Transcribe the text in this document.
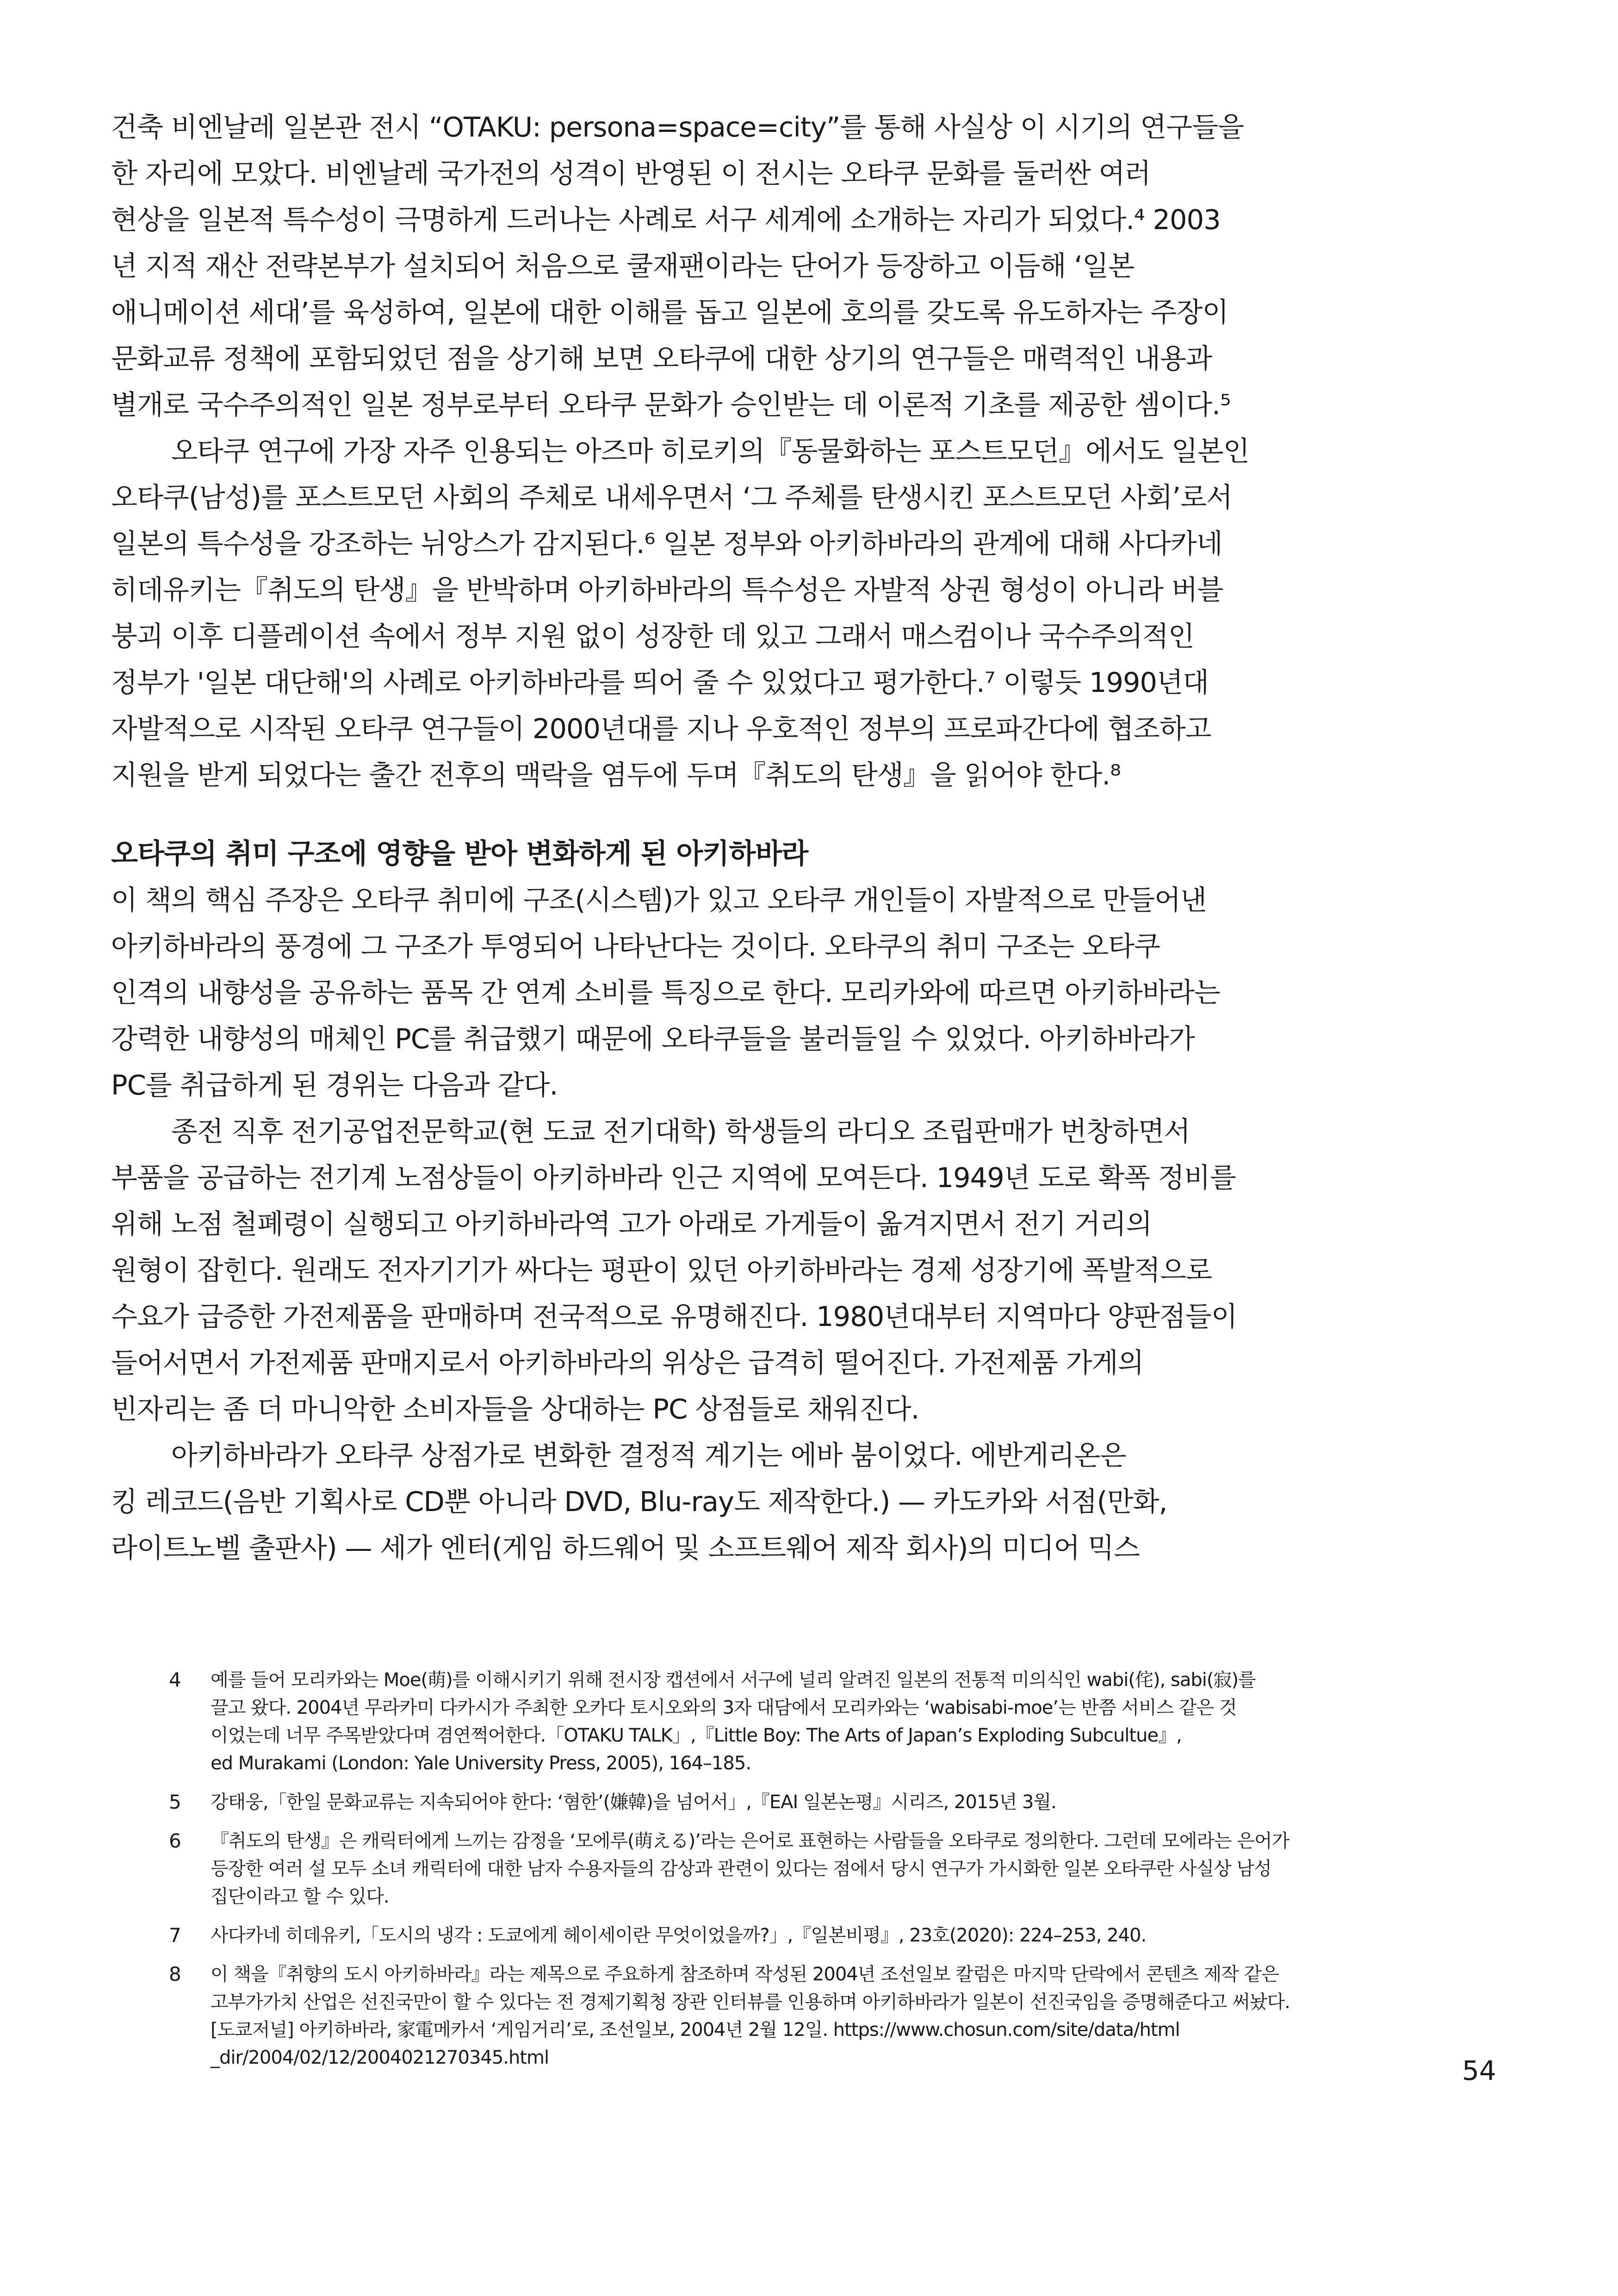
건축 비엔날레 일본관 전시 “OTAKU: persona=space=city”를 통해 사실상 이 시기의 연구들을
한 자리에 모았다. 비엔날레 국가전의 성격이 반영된 이 전시는 오타쿠 문화를 둘러싼 여러
현상을 일본적 특수성이 극명하게 드러나는 사례로 서구 세계에 소개하는 자리가 되었다.⁴ 2003
년 지적 재산 전략본부가 설치되어 처음으로 쿨재팬이라는 단어가 등장하고 이듬해 ‘일본
애니메이션 세대’를 육성하여, 일본에 대한 이해를 돕고 일본에 호의를 갖도록 유도하자는 주장이
문화교류 정책에 포함되었던 점을 상기해 보면 오타쿠에 대한 상기의 연구들은 매력적인 내용과
별개로 국수주의적인 일본 정부로부터 오타쿠 문화가 승인받는 데 이론적 기초를 제공한 셈이다.⁵
오타쿠 연구에 가장 자주 인용되는 아즈마 히로키의『동물화하는 포스트모던』에서도 일본인
오타쿠(남성)를 포스트모던 사회의 주체로 내세우면서 ‘그 주체를 탄생시킨 포스트모던 사회’로서
일본의 특수성을 강조하는 뉘앙스가 감지된다.⁶ 일본 정부와 아키하바라의 관계에 대해 사다카네
히데유키는『취도의 탄생』을 반박하며 아키하바라의 특수성은 자발적 상권 형성이 아니라 버블
붕괴 이후 디플레이션 속에서 정부 지원 없이 성장한 데 있고 그래서 매스컴이나 국수주의적인
정부가 '일본 대단해'의 사례로 아키하바라를 띄어 줄 수 있었다고 평가한다.⁷ 이렇듯 1990년대
자발적으로 시작된 오타쿠 연구들이 2000년대를 지나 우호적인 정부의 프로파간다에 협조하고
지원을 받게 되었다는 출간 전후의 맥락을 염두에 두며『취도의 탄생』을 읽어야 한다.⁸
오타쿠의 취미 구조에 영향을 받아 변화하게 된 아키하바라
이 책의 핵심 주장은 오타쿠 취미에 구조(시스템)가 있고 오타쿠 개인들이 자발적으로 만들어낸
아키하바라의 풍경에 그 구조가 투영되어 나타난다는 것이다. 오타쿠의 취미 구조는 오타쿠
인격의 내향성을 공유하는 품목 간 연계 소비를 특징으로 한다. 모리카와에 따르면 아키하바라는
강력한 내향성의 매체인 PC를 취급했기 때문에 오타쿠들을 불러들일 수 있었다. 아키하바라가
PC를 취급하게 된 경위는 다음과 같다.
종전 직후 전기공업전문학교(현 도쿄 전기대학) 학생들의 라디오 조립판매가 번창하면서
부품을 공급하는 전기계 노점상들이 아키하바라 인근 지역에 모여든다. 1949년 도로 확폭 정비를
위해 노점 철폐령이 실행되고 아키하바라역 고가 아래로 가게들이 옮겨지면서 전기 거리의
원형이 잡힌다. 원래도 전자기기가 싸다는 평판이 있던 아키하바라는 경제 성장기에 폭발적으로
수요가 급증한 가전제품을 판매하며 전국적으로 유명해진다. 1980년대부터 지역마다 양판점들이
들어서면서 가전제품 판매지로서 아키하바라의 위상은 급격히 떨어진다. 가전제품 가게의
빈자리는 좀 더 마니악한 소비자들을 상대하는 PC 상점들로 채워진다.
아키하바라가 오타쿠 상점가로 변화한 결정적 계기는 에바 붐이었다. 에반게리온은
킹 레코드(음반 기획사로 CD뿐 아니라 DVD, Blu-ray도 제작한다.) — 카도카와 서점(만화,
라이트노벨 출판사) — 세가 엔터(게임 하드웨어 및 소프트웨어 제작 회사)의 미디어 믹스
4 예를 들어 모리카와는 Moe(萌)를 이해시키기 위해 전시장 캡션에서 서구에 널리 알려진 일본의 전통적 미의식인 wabi(侘), sabi(寂)를
끌고 왔다. 2004년 무라카미 다카시가 주최한 오카다 토시오와의 3자 대담에서 모리카와는 ‘wabisabi-moe’는 반쯤 서비스 같은 것
이었는데 너무 주목받았다며 겸연쩍어한다.「OTAKU TALK」,『Little Boy: The Arts of Japan’s Exploding Subcultue』,
ed Murakami (London: Yale University Press, 2005), 164–185.
5 강태웅,「한일 문화교류는 지속되어야 한다: ‘혐한’(嫌韓)을 넘어서」,『EAI 일본논평』시리즈, 2015년 3월.
6 『취도의 탄생』은 캐릭터에게 느끼는 감정을 ‘모에루(萌える)’라는 은어로 표현하는 사람들을 오타쿠로 정의한다. 그런데 모에라는 은어가
등장한 여러 설 모두 소녀 캐릭터에 대한 남자 수용자들의 감상과 관련이 있다는 점에서 당시 연구가 가시화한 일본 오타쿠란 사실상 남성
집단이라고 할 수 있다.
7 사다카네 히데유키,「도시의 냉각 : 도쿄에게 헤이세이란 무엇이었을까?」,『일본비평』, 23호(2020): 224–253, 240.
8 이 책을『취향의 도시 아키하바라』라는 제목으로 주요하게 참조하며 작성된 2004년 조선일보 칼럼은 마지막 단락에서 콘텐츠 제작 같은
고부가가치 산업은 선진국만이 할 수 있다는 전 경제기획청 장관 인터뷰를 인용하며 아키하바라가 일본이 선진국임을 증명해준다고 써놨다.
[도쿄저널] 아키하바라, 家電메카서 ‘게임거리’로, 조선일보, 2004년 2월 12일. https://www.chosun.com/site/data/html
_dir/2004/02/12/2004021270345.html	54
